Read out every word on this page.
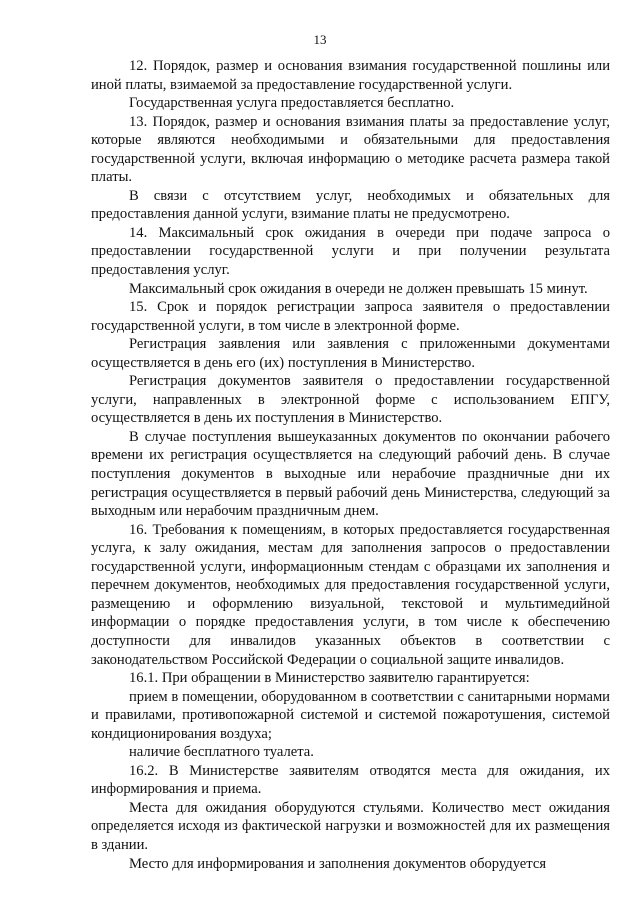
13

12. Порядок, размер и основания взимания государственной пошлины или иной платы, взимаемой за предоставление государственной услуги.

Государственная услуга предоставляется бесплатно.

13. Порядок, размер и основания взимания платы за предоставление услуг, которые являются необходимыми и обязательными для предоставления государственной услуги, включая информацию о методике расчета размера такой платы.

В связи с отсутствием услуг, необходимых и обязательных для предоставления данной услуги, взимание платы не предусмотрено.

14. Максимальный срок ожидания в очереди при подаче запроса о предоставлении государственной услуги и при получении результата предоставления услуг.

Максимальный срок ожидания в очереди не должен превышать 15 минут.

15. Срок и порядок регистрации запроса заявителя о предоставлении государственной услуги, в том числе в электронной форме.

Регистрация заявления или заявления с приложенными документами осуществляется в день его (их) поступления в Министерство.

Регистрация документов заявителя о предоставлении государственной услуги, направленных в электронной форме с использованием ЕПГУ, осуществляется в день их поступления в Министерство.

В случае поступления вышеуказанных документов по окончании рабочего времени их регистрация осуществляется на следующий рабочий день. В случае поступления документов в выходные или нерабочие праздничные дни их регистрация осуществляется в первый рабочий день Министерства, следующий за выходным или нерабочим праздничным днем.

16. Требования к помещениям, в которых предоставляется государственная услуга, к залу ожидания, местам для заполнения запросов о предоставлении государственной услуги, информационным стендам с образцами их заполнения и перечнем документов, необходимых для предоставления государственной услуги, размещению и оформлению визуальной, текстовой и мультимедийной информации о порядке предоставления услуги, в том числе к обеспечению доступности для инвалидов указанных объектов в соответствии с законодательством Российской Федерации о социальной защите инвалидов.

16.1. При обращении в Министерство заявителю гарантируется:

прием в помещении, оборудованном в соответствии с санитарными нормами и правилами, противопожарной системой и системой пожаротушения, системой кондиционирования воздуха;

наличие бесплатного туалета.

16.2. В Министерстве заявителям отводятся места для ожидания, их информирования и приема.

Места для ожидания оборудуются стульями. Количество мест ожидания определяется исходя из фактической нагрузки и возможностей для их размещения в здании.

Место для информирования и заполнения документов оборудуется
